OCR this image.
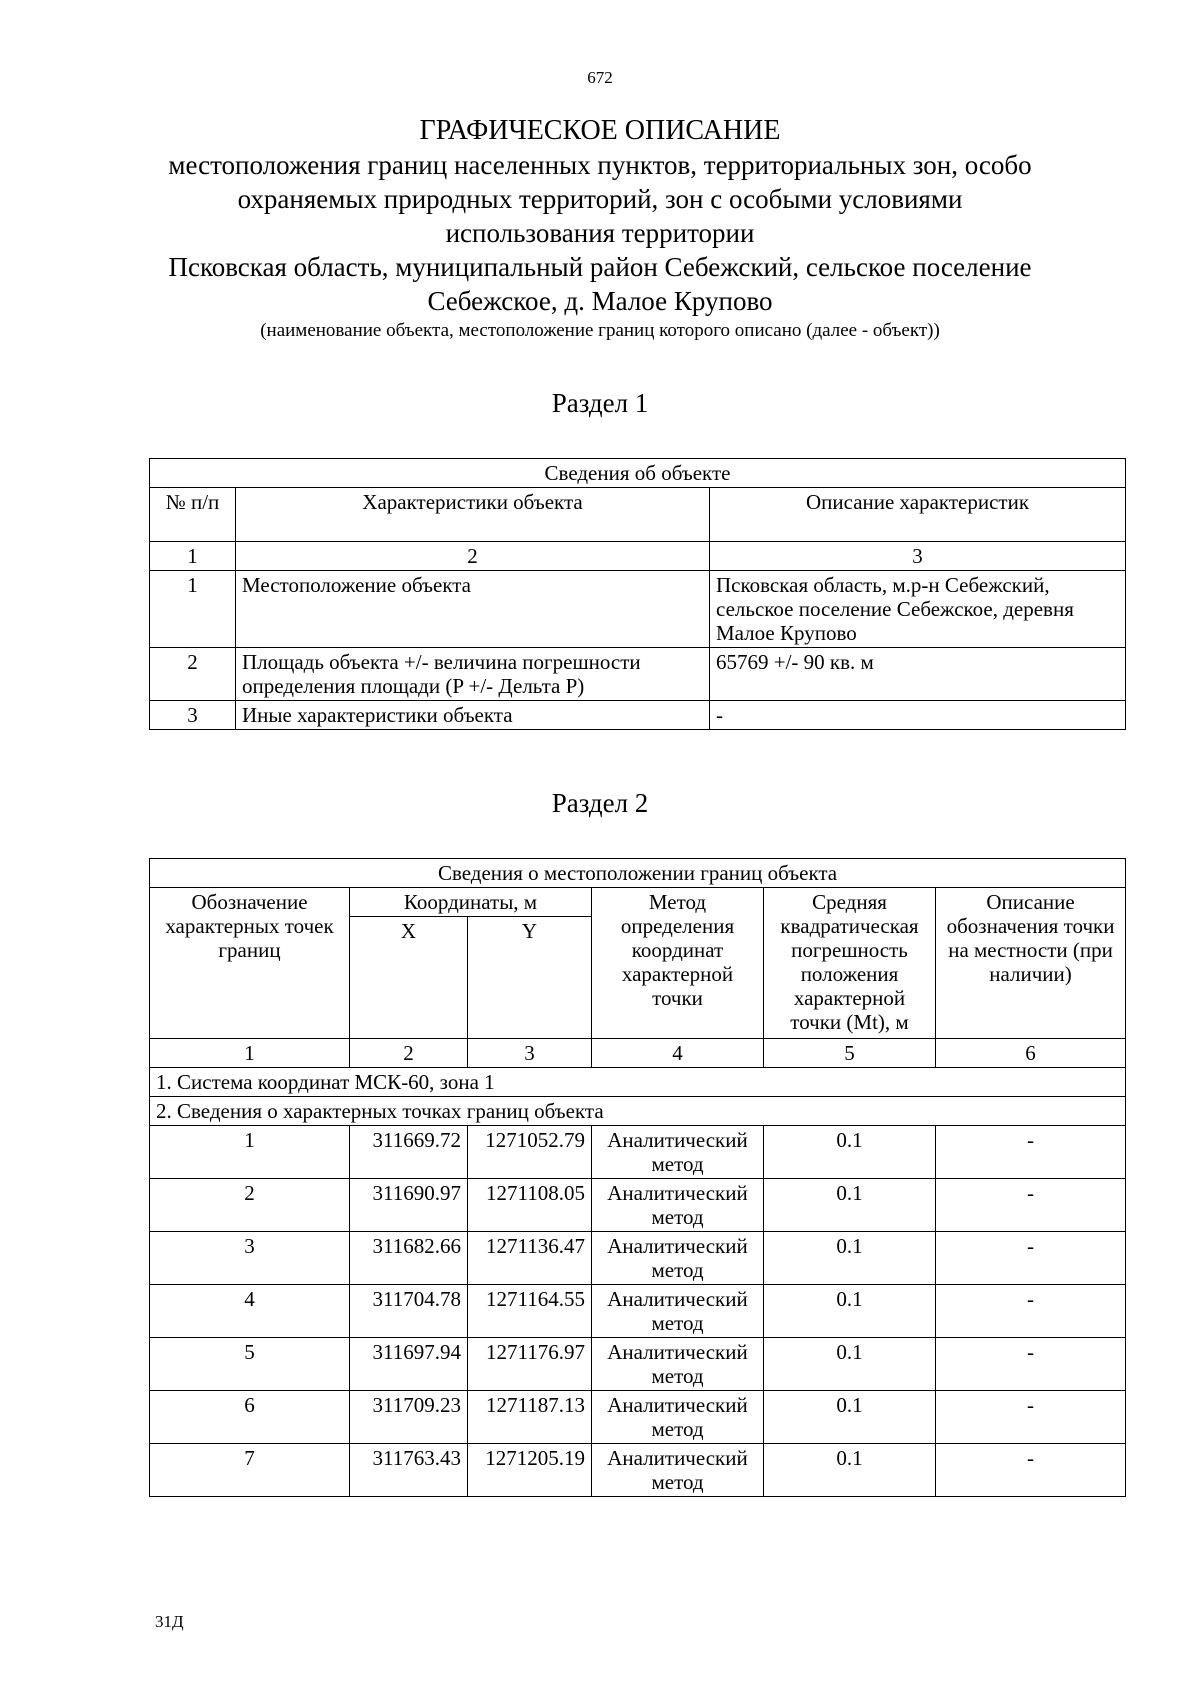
672
ГРАФИЧЕСКОЕ ОПИСАНИЕ
местоположения границ населенных пунктов, территориальных зон, особо
охраняемых природных территорий, зон с особыми условиями
использования территории
Псковская область, муниципальный район Себежский, сельское поселение
Себежское, д. Малое Крупово
(наименование объекта, местоположение границ которого описано (далее - объект))
Раздел 1
Сведения об объекте		
№ п/п	Характеристики объекта	Описание характеристик
1	2	3
1	Местоположение объекта	Псковская область, м.р-н Себежский, сельское поселение Себежское, деревня Малое Крупово
2	Площадь объекта +/- величина погрешности определения площади (P +/- Дельта P)	65769 +/- 90 кв. м
3	Иные характеристики объекта	-
Раздел 2
Сведения о местоположении границ объекта					
Обозначение характерных точек границ	Координаты, м		Метод определения координат характерной точки	Средняя квадратическая погрешность положения характерной точки (Mt), м	Описание обозначения точки на местности (при наличии)
	X	Y			
1	2	3	4	5	6
1. Система координат МСК-60, зона 1					
2. Сведения о характерных точках границ объекта					
1	311669.72	1271052.79	Аналитический метод	0.1	-
2	311690.97	1271108.05	Аналитический метод	0.1	-
3	311682.66	1271136.47	Аналитический метод	0.1	-
4	311704.78	1271164.55	Аналитический метод	0.1	-
5	311697.94	1271176.97	Аналитический метод	0.1	-
6	311709.23	1271187.13	Аналитический метод	0.1	-
7	311763.43	1271205.19	Аналитический метод	0.1	-
31Д
